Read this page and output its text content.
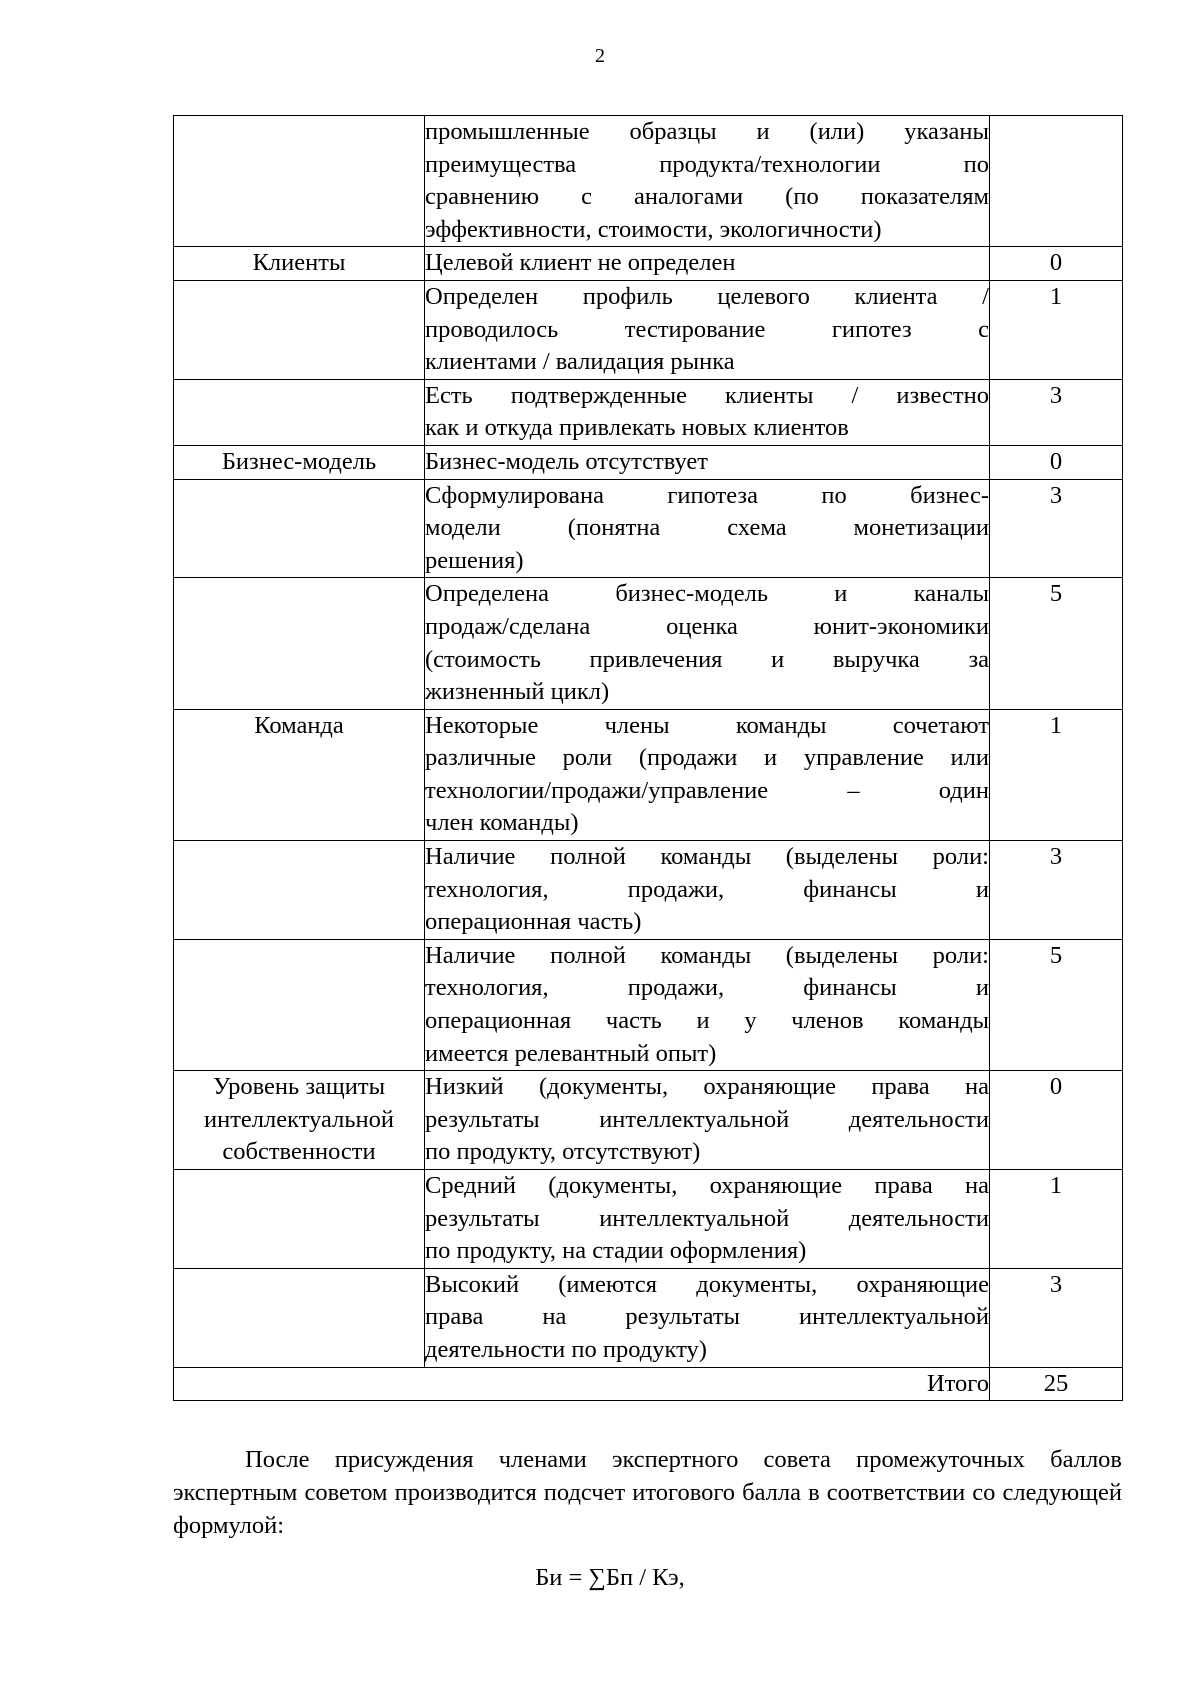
2

	промышленные образцы и (или) указаны
преимущества продукта/технологии по
сравнению с аналогами (по показателям
эффективности, стоимости, экологичности)	

Клиенты	Целевой клиент не определен	0

	Определен профиль целевого клиента /
проводилось тестирование гипотез с
клиентами / валидация рынка	1

	Есть подтвержденные клиенты / известно
как и откуда привлекать новых клиентов	3
Бизнес-модель	Бизнес-модель отсутствует	0

	Сформулирована гипотеза по бизнес-
модели (понятна схема монетизации
решения)	3

	Определена бизнес-модель и каналы
продаж/сделана оценка юнит-экономики
(стоимость привлечения и выручка за
жизненный цикл)	5
Команда	Некоторые члены команды сочетают
различные роли (продажи и управление или
технологии/продажи/управление – один
член команды)	1

	Наличие полной команды (выделены роли:
технология, продажи, финансы и
операционная часть)	3

	Наличие полной команды (выделены роли:
технология, продажи, финансы и
операционная часть и у членов команды
имеется релевантный опыт)	5

Уровень защиты
интеллектуальной
собственности	Низкий (документы, охраняющие права на
результаты интеллектуальной деятельности
по продукту, отсутствуют)	0

	Средний (документы, охраняющие права на
результаты интеллектуальной деятельности
по продукту, на стадии оформления)	1

	Высокий (имеются документы, охраняющие
права на результаты интеллектуальной
деятельности по продукту)	3
Итого		25

После присуждения членами экспертного совета промежуточных баллов экспертным советом производится подсчет итогового балла в соответствии со следующей формулой:

Би = ∑Бп / Кэ,
